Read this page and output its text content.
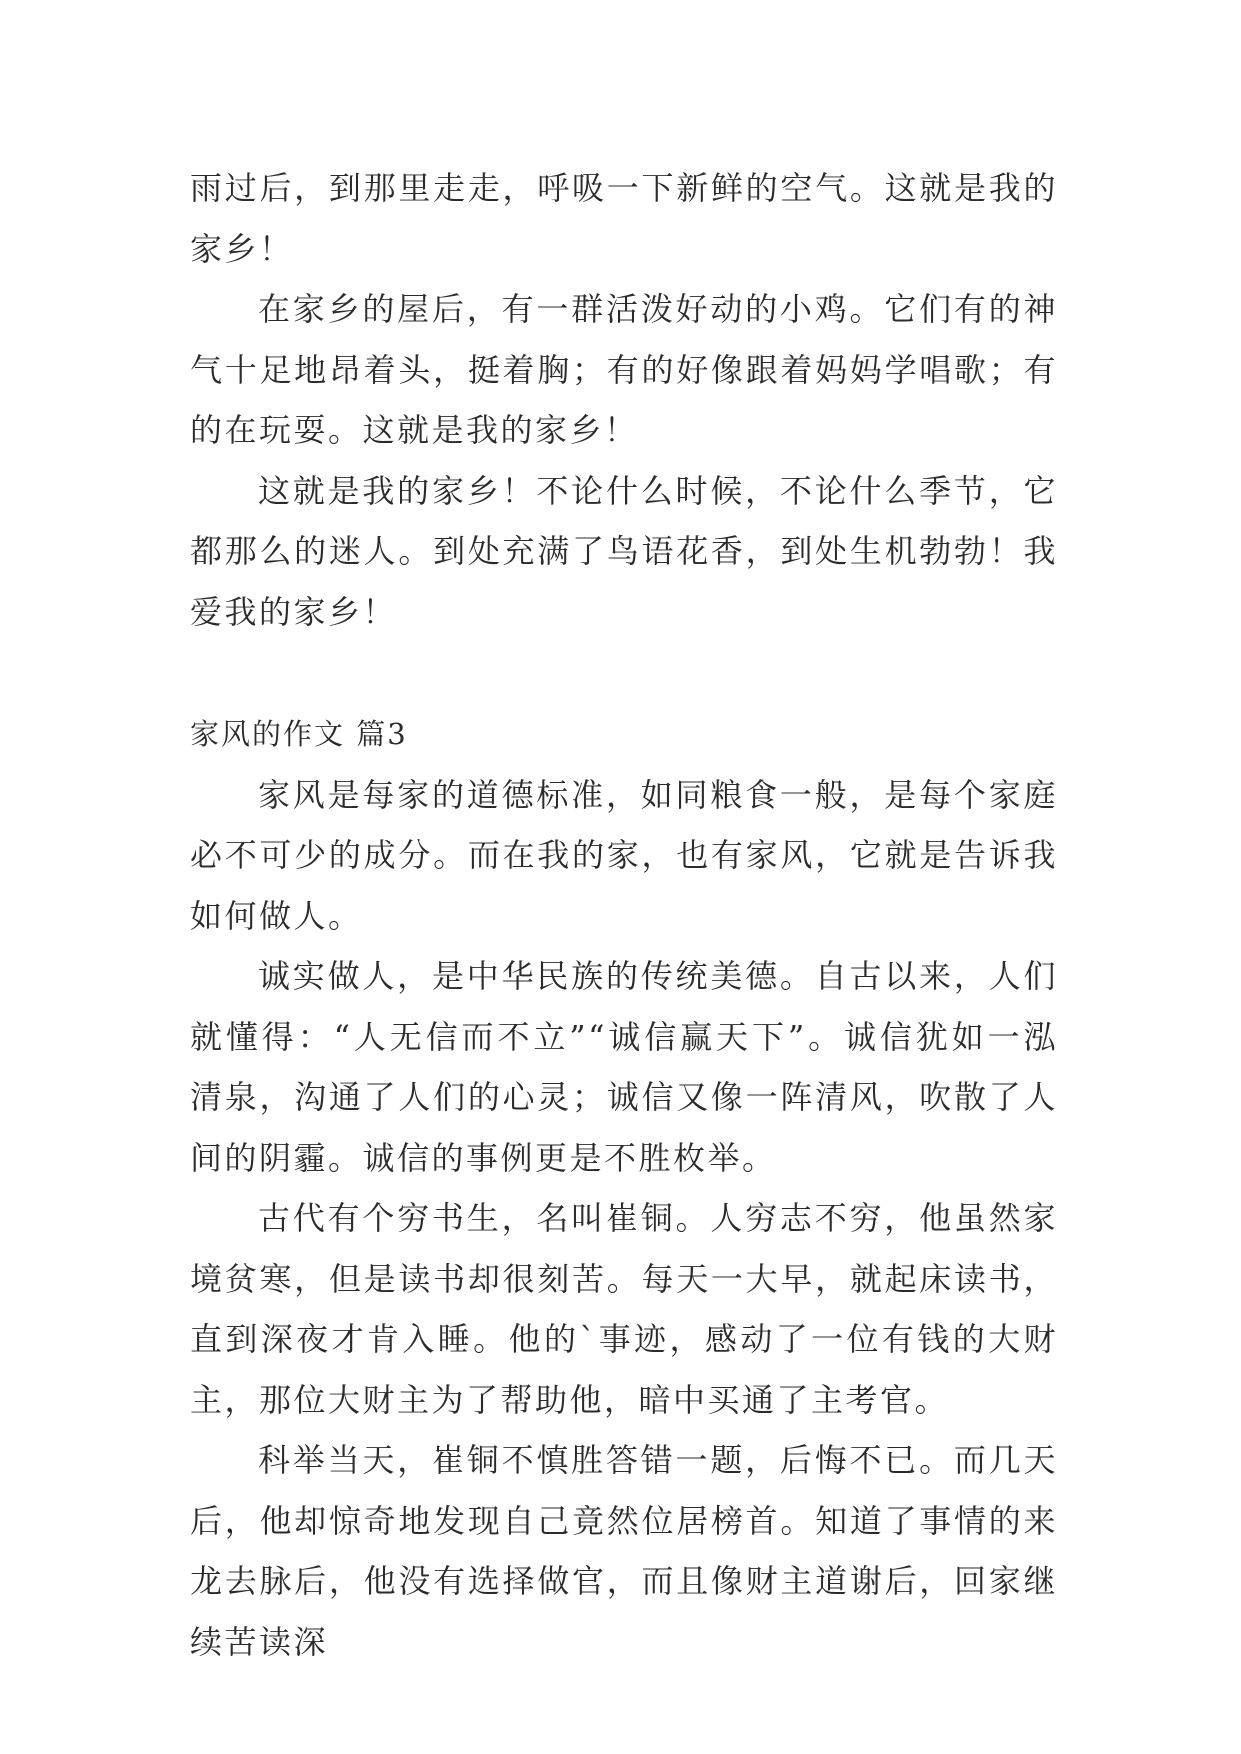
雨过后，到那里走走，呼吸一下新鲜的空气。这就是我的家乡！

在家乡的屋后，有一群活泼好动的小鸡。它们有的神气十足地昂着头，挺着胸；有的好像跟着妈妈学唱歌；有的在玩耍。这就是我的家乡！

这就是我的家乡！不论什么时候，不论什么季节，它都那么的迷人。到处充满了鸟语花香，到处生机勃勃！我爱我的家乡！

家风的作文 篇3

家风是每家的道德标准，如同粮食一般，是每个家庭必不可少的成分。而在我的家，也有家风，它就是告诉我如何做人。

诚实做人，是中华民族的传统美德。自古以来，人们就懂得：“人无信而不立”“诚信赢天下”。诚信犹如一泓清泉，沟通了人们的心灵；诚信又像一阵清风，吹散了人间的阴霾。诚信的事例更是不胜枚举。

古代有个穷书生，名叫崔铜。人穷志不穷，他虽然家境贫寒，但是读书却很刻苦。每天一大早，就起床读书，直到深夜才肯入睡。他的`事迹，感动了一位有钱的大财主，那位大财主为了帮助他，暗中买通了主考官。

科举当天，崔铜不慎胜答错一题，后悔不已。而几天后，他却惊奇地发现自己竟然位居榜首。知道了事情的来龙去脉后，他没有选择做官，而且像财主道谢后，回家继续苦读深
